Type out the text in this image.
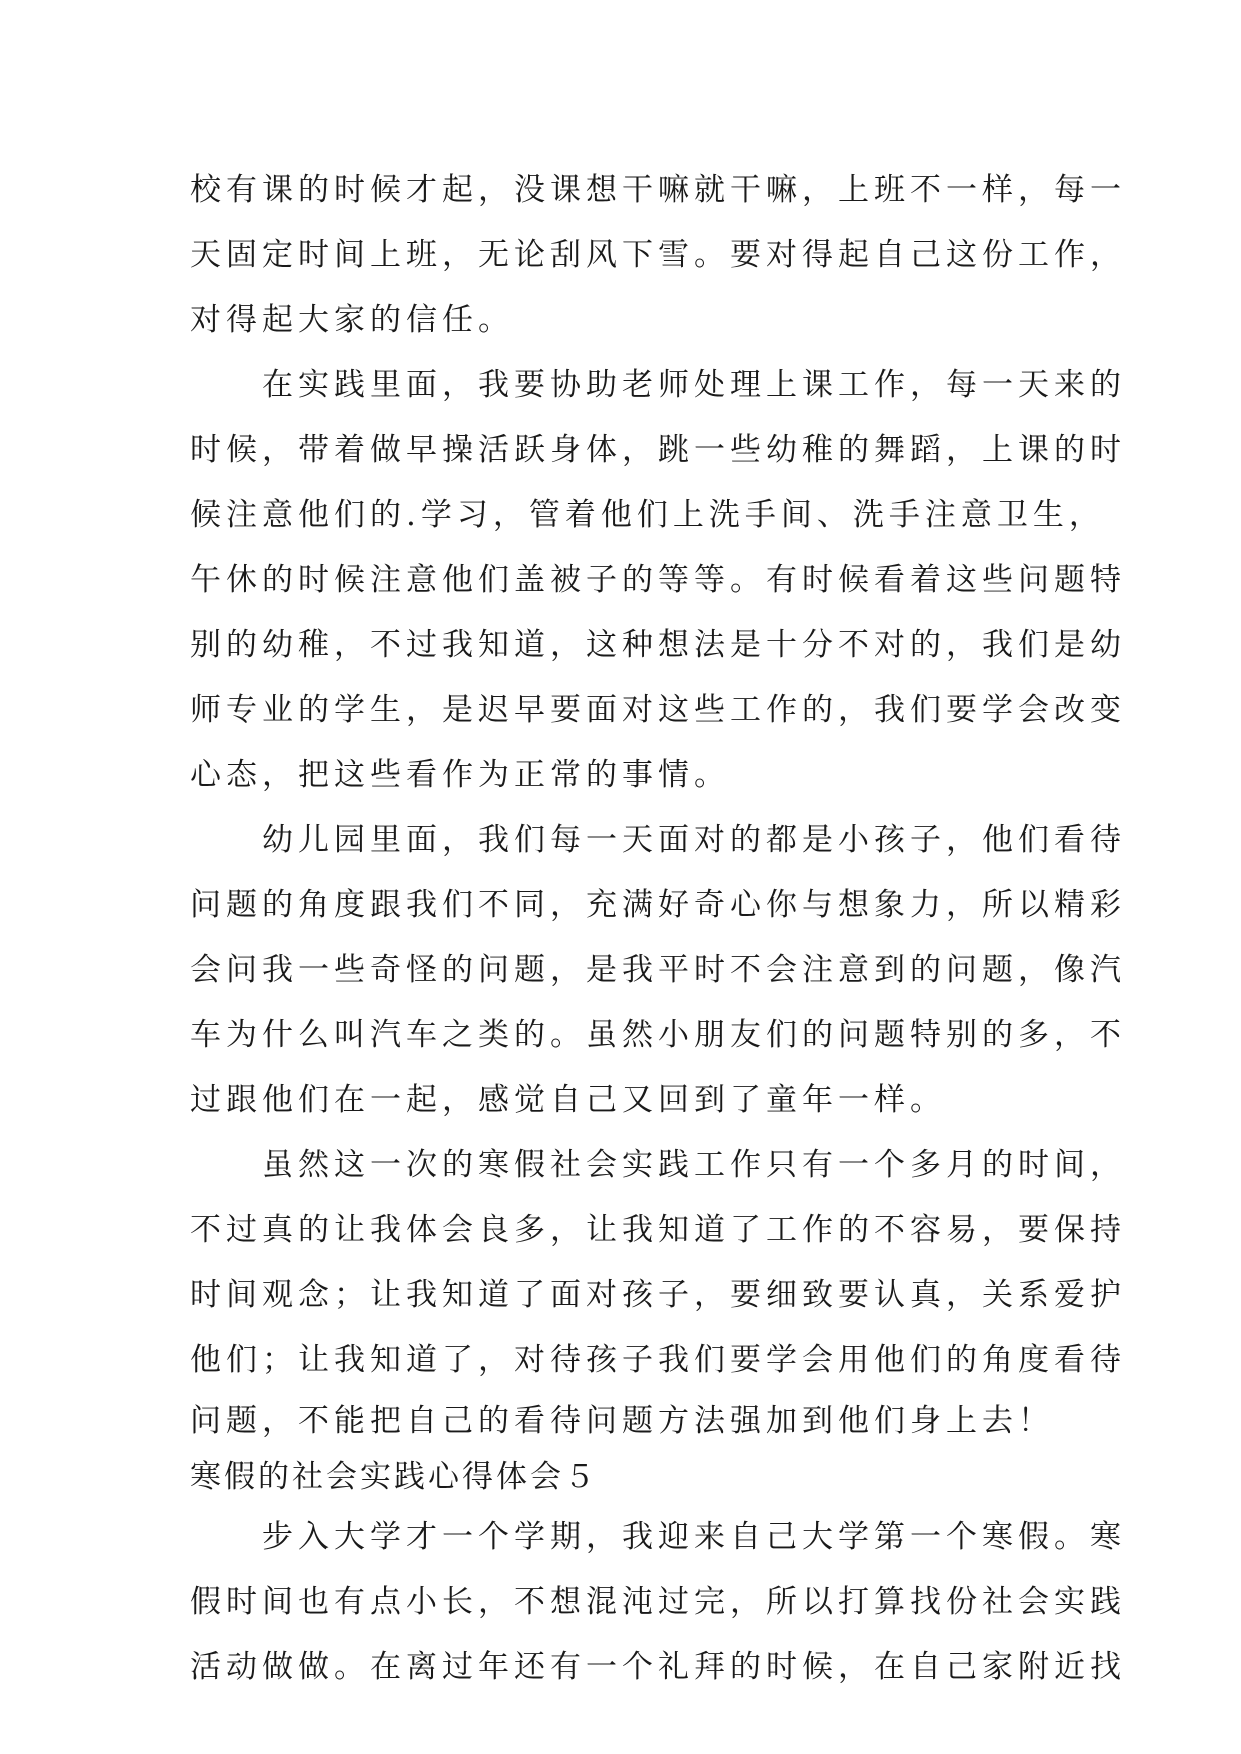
校有课的时候才起，没课想干嘛就干嘛，上班不一样，每一
天固定时间上班，无论刮风下雪。要对得起自己这份工作，
对得起大家的信任。
　　在实践里面，我要协助老师处理上课工作，每一天来的
时候，带着做早操活跃身体，跳一些幼稚的舞蹈，上课的时
候注意他们的.学习，管着他们上洗手间、洗手注意卫生，
午休的时候注意他们盖被子的等等。有时候看着这些问题特
别的幼稚，不过我知道，这种想法是十分不对的，我们是幼
师专业的学生，是迟早要面对这些工作的，我们要学会改变
心态，把这些看作为正常的事情。
　　幼儿园里面，我们每一天面对的都是小孩子，他们看待
问题的角度跟我们不同，充满好奇心你与想象力，所以精彩
会问我一些奇怪的问题，是我平时不会注意到的问题，像汽
车为什么叫汽车之类的。虽然小朋友们的问题特别的多，不
过跟他们在一起，感觉自己又回到了童年一样。
　　虽然这一次的寒假社会实践工作只有一个多月的时间，
不过真的让我体会良多，让我知道了工作的不容易，要保持
时间观念；让我知道了面对孩子，要细致要认真，关系爱护
他们；让我知道了，对待孩子我们要学会用他们的角度看待
问题，不能把自己的看待问题方法强加到他们身上去！
寒假的社会实践心得体会５
　　步入大学才一个学期，我迎来自己大学第一个寒假。寒
假时间也有点小长，不想混沌过完，所以打算找份社会实践
活动做做。在离过年还有一个礼拜的时候，在自己家附近找
